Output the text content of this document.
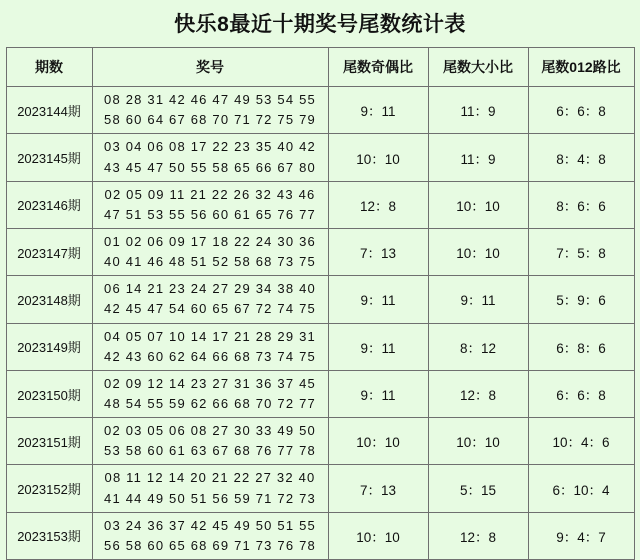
快乐8最近十期奖号尾数统计表
期数	奖号	尾数奇偶比	尾数大小比	尾数012路比
2023144期	08 28 31 42 46 47 49 53 54 55
58 60 64 67 68 70 71 72 75 79	9：11	11：9	6：6：8
2023145期	03 04 06 08 17 22 23 35 40 42
43 45 47 50 55 58 65 66 67 80	10：10	11：9	8：4：8
2023146期	02 05 09 11 21 22 26 32 43 46
47 51 53 55 56 60 61 65 76 77	12：8	10：10	8：6：6
2023147期	01 02 06 09 17 18 22 24 30 36
40 41 46 48 51 52 58 68 73 75	7：13	10：10	7：5：8
2023148期	06 14 21 23 24 27 29 34 38 40
42 45 47 54 60 65 67 72 74 75	9：11	9：11	5：9：6
2023149期	04 05 07 10 14 17 21 28 29 31
42 43 60 62 64 66 68 73 74 75	9：11	8：12	6：8：6
2023150期	02 09 12 14 23 27 31 36 37 45
48 54 55 59 62 66 68 70 72 77	9：11	12：8	6：6：8
2023151期	02 03 05 06 08 27 30 33 49 50
53 58 60 61 63 67 68 76 77 78	10：10	10：10	10：4：6
2023152期	08 11 12 14 20 21 22 27 32 40
41 44 49 50 51 56 59 71 72 73	7：13	5：15	6：10：4
2023153期	03 24 36 37 42 45 49 50 51 55
56 58 60 65 68 69 71 73 76 78	10：10	12：8	9：4：7
